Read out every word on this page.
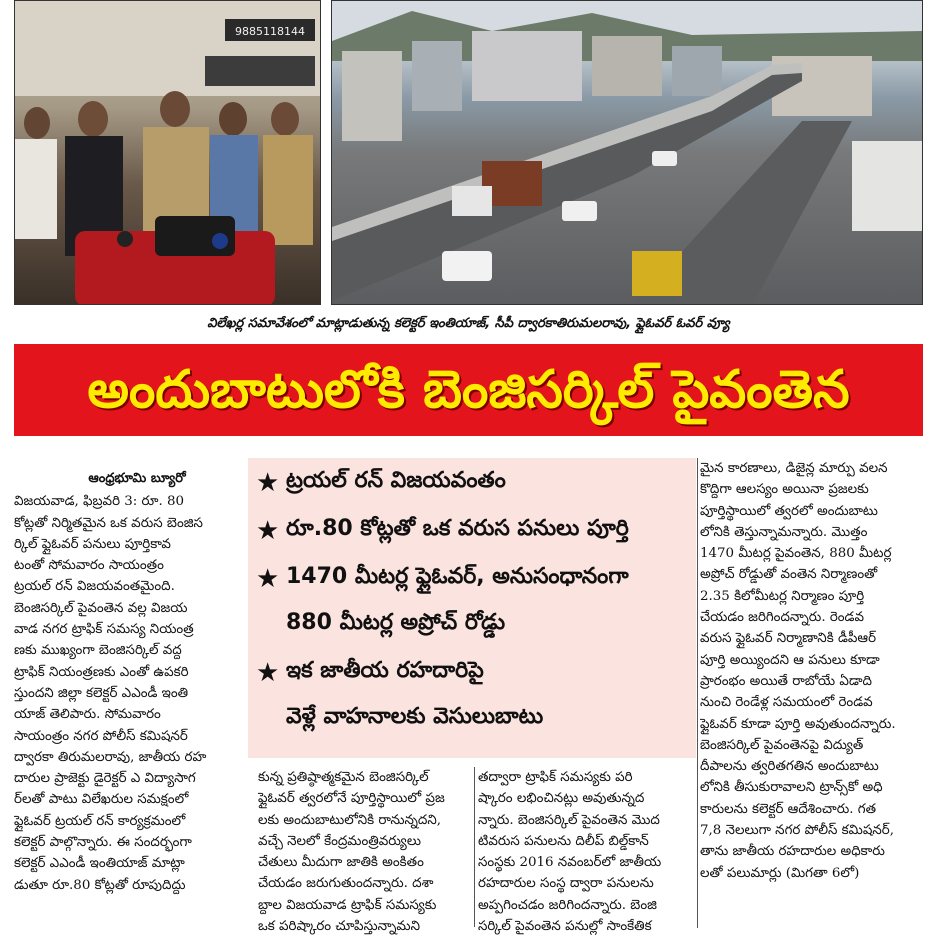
9885118144
విలేఖర్ల సమావేశంలో మాట్లాడుతున్న కలెక్టర్ ఇంతియాజ్, సీపీ ద్వారకాతిరుమలరావు, ఫ్లైఓవర్ ఓవర్ వ్యూ
అందుబాటులోకి బెంజిసర్కిల్ పైవంతెన
ఆంధ్రభూమి బ్యూరో
విజయవాడ, ఫిబ్రవరి 3: రూ. 80
కోట్లతో నిర్మితమైన ఒక వరుస బెంజిస
ర్కిల్ ఫ్లైఓవర్ పనులు పూర్తికావ
టంతో సోమవారం సాయంత్రం
ట్రయల్ రన్ విజయవంతమైంది.
బెంజిసర్కిల్ పైవంతెన వల్ల విజయ
వాడ నగర ట్రాఫిక్ సమస్య నియంత్ర
ణకు ముఖ్యంగా బెంజిసర్కిల్ వద్ద
ట్రాఫిక్ నియంత్రణకు ఎంతో ఉపకరి
స్తుందని జిల్లా కలెక్టర్ ఎఎండీ ఇంతి
యాజ్ తెలిపారు. సోమవారం
సాయంత్రం నగర పోలీస్ కమిషనర్
ద్వారకా తిరుమలరావు, జాతీయ రహ
దారుల ప్రాజెక్టు డైరెక్టర్ ఎ విద్యాసాగ
ర్‌లతో పాటు విలేఖరుల సమక్షంలో
ఫ్లైఓవర్ ట్రయల్ రన్ కార్యక్రమంలో
కలెక్టర్ పాల్గొన్నారు. ఈ సందర్భంగా
కలెక్టర్ ఎఎండీ ఇంతియాజ్ మాట్లా
డుతూ రూ.80 కోట్లతో రూపుదిద్దు
★ ట్రయల్ రన్ విజయవంతం
★ రూ.80 కోట్లతో ఒక వరుస పనులు పూర్తి
★ 1470 మీటర్ల ఫ్లైఓవర్, అనుసంధానంగా
880 మీటర్ల అప్రోచ్ రోడ్డు
★ ఇక జాతీయ రహదారిపై
వెళ్లే వాహనాలకు వెసులుబాటు
కున్న ప్రతిష్ఠాత్మకమైన బెంజిసర్కిల్
ఫ్లైఓవర్ త్వరలోనే పూర్తిస్థాయిలో ప్రజ
లకు అందుబాటులోనికి రానున్నదని,
వచ్చే నెలలో కేంద్రమంత్రివర్యులు
చేతులు మీదుగా జాతికి అంకితం
చేయడం జరుగుతుందన్నారు. దశా
బ్దాల విజయవాడ ట్రాఫిక్ సమస్యకు
ఒక పరిష్కారం చూపిస్తున్నామని
తద్వారా ట్రాఫిక్ సమస్యకు పరి
ష్కారం లభించినట్లు అవుతున్నద
న్నారు. బెంజిసర్కిల్ పైవంతెన మొద
టివరుస పనులను దిలీప్ బిల్డ్‌కాన్
సంస్థకు 2016 నవంబర్‌లో జాతీయ
రహదారుల సంస్థ ద్వారా పనులను
అప్పగించడం జరిగిందన్నారు. బెంజి
సర్కిల్ పైవంతెన పనుల్లో సాంకేతిక
మైన కారణాలు, డిజైన్ల మార్పు వలన
కొద్దిగా ఆలస్యం అయినా ప్రజలకు
పూర్తిస్థాయిలో త్వరలో అందుబాటు
లోనికి తెస్తున్నామన్నారు. మొత్తం
1470 మీటర్ల పైవంతెన, 880 మీటర్ల
అప్రోచ్ రోడ్డుతో వంతెన నిర్మాణంతో
2.35 కిలోమీటర్ల నిర్మాణం పూర్తి
చేయడం జరిగిందన్నారు. రెండవ
వరుస ఫ్లైఓవర్ నిర్మాణానికి డీపీఆర్
పూర్తి అయ్యిందని ఆ పనులు కూడా
ప్రారంభం అయితే రాబోయే ఏడాది
నుంచి రెండేళ్ల సమయంలో రెండవ
ఫ్లైఓవర్ కూడా పూర్తి అవుతుందన్నారు.
బెంజిసర్కిల్ పైవంతెనపై విద్యుత్
దీపాలను త్వరితగతిన అందుబాటు
లోనికి తీసుకురావాలని ట్రాన్స్‌కో అధి
కారులను కలెక్టర్ ఆదేశించారు. గత
7,8 నెలలుగా నగర పోలీస్ కమిషనర్,
తాను జాతీయ రహదారుల అధికారు
లతో పలుమార్లు (మిగతా 6లో)
